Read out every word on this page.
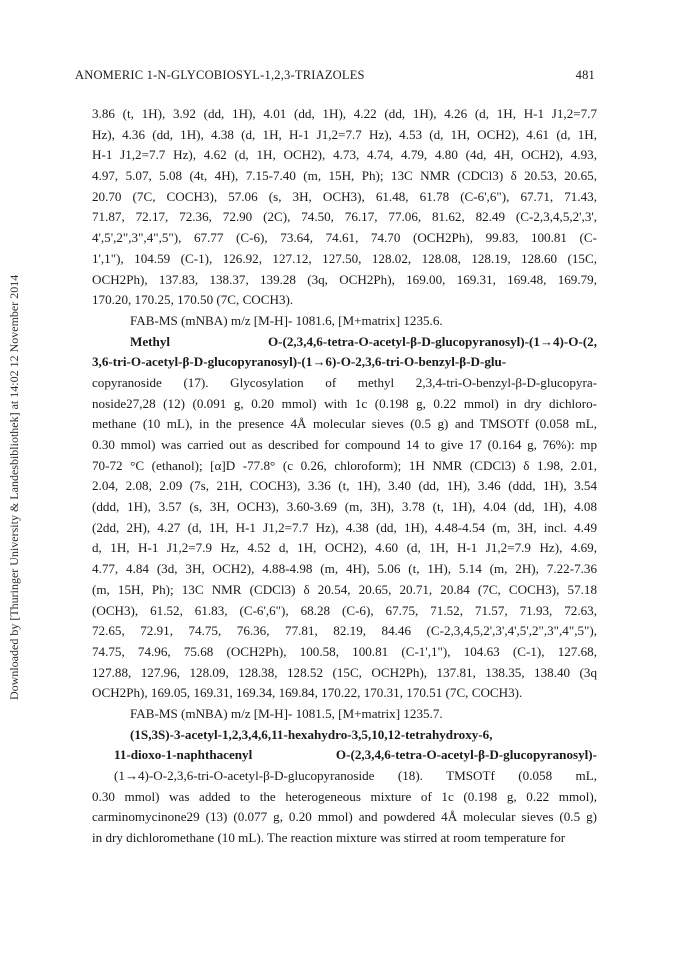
ANOMERIC 1-N-GLYCOBIOSYL-1,2,3-TRIAZOLES	481
Downloaded by [Thuringer University & Landesbibliothek] at 14:02 12 November 2014
3.86 (t, 1H), 3.92 (dd, 1H), 4.01 (dd, 1H), 4.22 (dd, 1H), 4.26 (d, 1H, H-1 J1,2=7.7
Hz), 4.36 (dd, 1H), 4.38 (d, 1H, H-1 J1,2=7.7 Hz), 4.53 (d, 1H, OCH2), 4.61 (d, 1H,
H-1 J1,2=7.7 Hz), 4.62 (d, 1H, OCH2), 4.73, 4.74, 4.79, 4.80 (4d, 4H, OCH2), 4.93,
4.97, 5.07, 5.08 (4t, 4H), 7.15-7.40 (m, 15H, Ph); 13C NMR (CDCl3) δ 20.53, 20.65,
20.70 (7C, COCH3), 57.06 (s, 3H, OCH3), 61.48, 61.78 (C-6',6"), 67.71, 71.43,
71.87, 72.17, 72.36, 72.90 (2C), 74.50, 76.17, 77.06, 81.62, 82.49 (C-2,3,4,5,2',3',
4',5',2",3",4",5"), 67.77 (C-6), 73.64, 74.61, 74.70 (OCH2Ph), 99.83, 100.81 (C-
1',1"), 104.59 (C-1), 126.92, 127.12, 127.50, 128.02, 128.08, 128.19, 128.60 (15C,
OCH2Ph), 137.83, 138.37, 139.28 (3q, OCH2Ph), 169.00, 169.31, 169.48, 169.79,
170.20, 170.25, 170.50 (7C, COCH3).
FAB-MS (mNBA) m/z [M-H]- 1081.6, [M+matrix] 1235.6.
Methyl O-(2,3,4,6-tetra-O-acetyl-β-D-glucopyranosyl)-(1→4)-O-(2,
3,6-tri-O-acetyl-β-D-glucopyranosyl)-(1→6)-O-2,3,6-tri-O-benzyl-β-D-glu-
copyranoside (17). Glycosylation of methyl 2,3,4-tri-O-benzyl-β-D-glucopyra-
noside27,28 (12) (0.091 g, 0.20 mmol) with 1c (0.198 g, 0.22 mmol) in dry dichloro-
methane (10 mL), in the presence 4Å molecular sieves (0.5 g) and TMSOTf (0.058 mL,
0.30 mmol) was carried out as described for compound 14 to give 17 (0.164 g, 76%): mp
70-72 °C (ethanol); [α]D -77.8° (c 0.26, chloroform); 1H NMR (CDCl3) δ 1.98, 2.01,
2.04, 2.08, 2.09 (7s, 21H, COCH3), 3.36 (t, 1H), 3.40 (dd, 1H), 3.46 (ddd, 1H), 3.54
(ddd, 1H), 3.57 (s, 3H, OCH3), 3.60-3.69 (m, 3H), 3.78 (t, 1H), 4.04 (dd, 1H), 4.08
(2dd, 2H), 4.27 (d, 1H, H-1 J1,2=7.7 Hz), 4.38 (dd, 1H), 4.48-4.54 (m, 3H, incl. 4.49
d, 1H, H-1 J1,2=7.9 Hz, 4.52 d, 1H, OCH2), 4.60 (d, 1H, H-1 J1,2=7.9 Hz), 4.69,
4.77, 4.84 (3d, 3H, OCH2), 4.88-4.98 (m, 4H), 5.06 (t, 1H), 5.14 (m, 2H), 7.22-7.36
(m, 15H, Ph); 13C NMR (CDCl3) δ 20.54, 20.65, 20.71, 20.84 (7C, COCH3), 57.18
(OCH3), 61.52, 61.83, (C-6',6"), 68.28 (C-6), 67.75, 71.52, 71.57, 71.93, 72.63,
72.65, 72.91, 74.75, 76.36, 77.81, 82.19, 84.46 (C-2,3,4,5,2',3',4',5',2",3",4",5"),
74.75, 74.96, 75.68 (OCH2Ph), 100.58, 100.81 (C-1',1"), 104.63 (C-1), 127.68,
127.88, 127.96, 128.09, 128.38, 128.52 (15C, OCH2Ph), 137.81, 138.35, 138.40 (3q
OCH2Ph), 169.05, 169.31, 169.34, 169.84, 170.22, 170.31, 170.51 (7C, COCH3).
FAB-MS (mNBA) m/z [M-H]- 1081.5, [M+matrix] 1235.7.
(1S,3S)-3-acetyl-1,2,3,4,6,11-hexahydro-3,5,10,12-tetrahydroxy-6,
11-dioxo-1-naphthacenyl O-(2,3,4,6-tetra-O-acetyl-β-D-glucopyranosyl)-
(1→4)-O-2,3,6-tri-O-acetyl-β-D-glucopyranoside (18). TMSOTf (0.058 mL,
0.30 mmol) was added to the heterogeneous mixture of 1c (0.198 g, 0.22 mmol),
carminomycinone29 (13) (0.077 g, 0.20 mmol) and powdered 4Å molecular sieves (0.5 g)
in dry dichloromethane (10 mL). The reaction mixture was stirred at room temperature for
